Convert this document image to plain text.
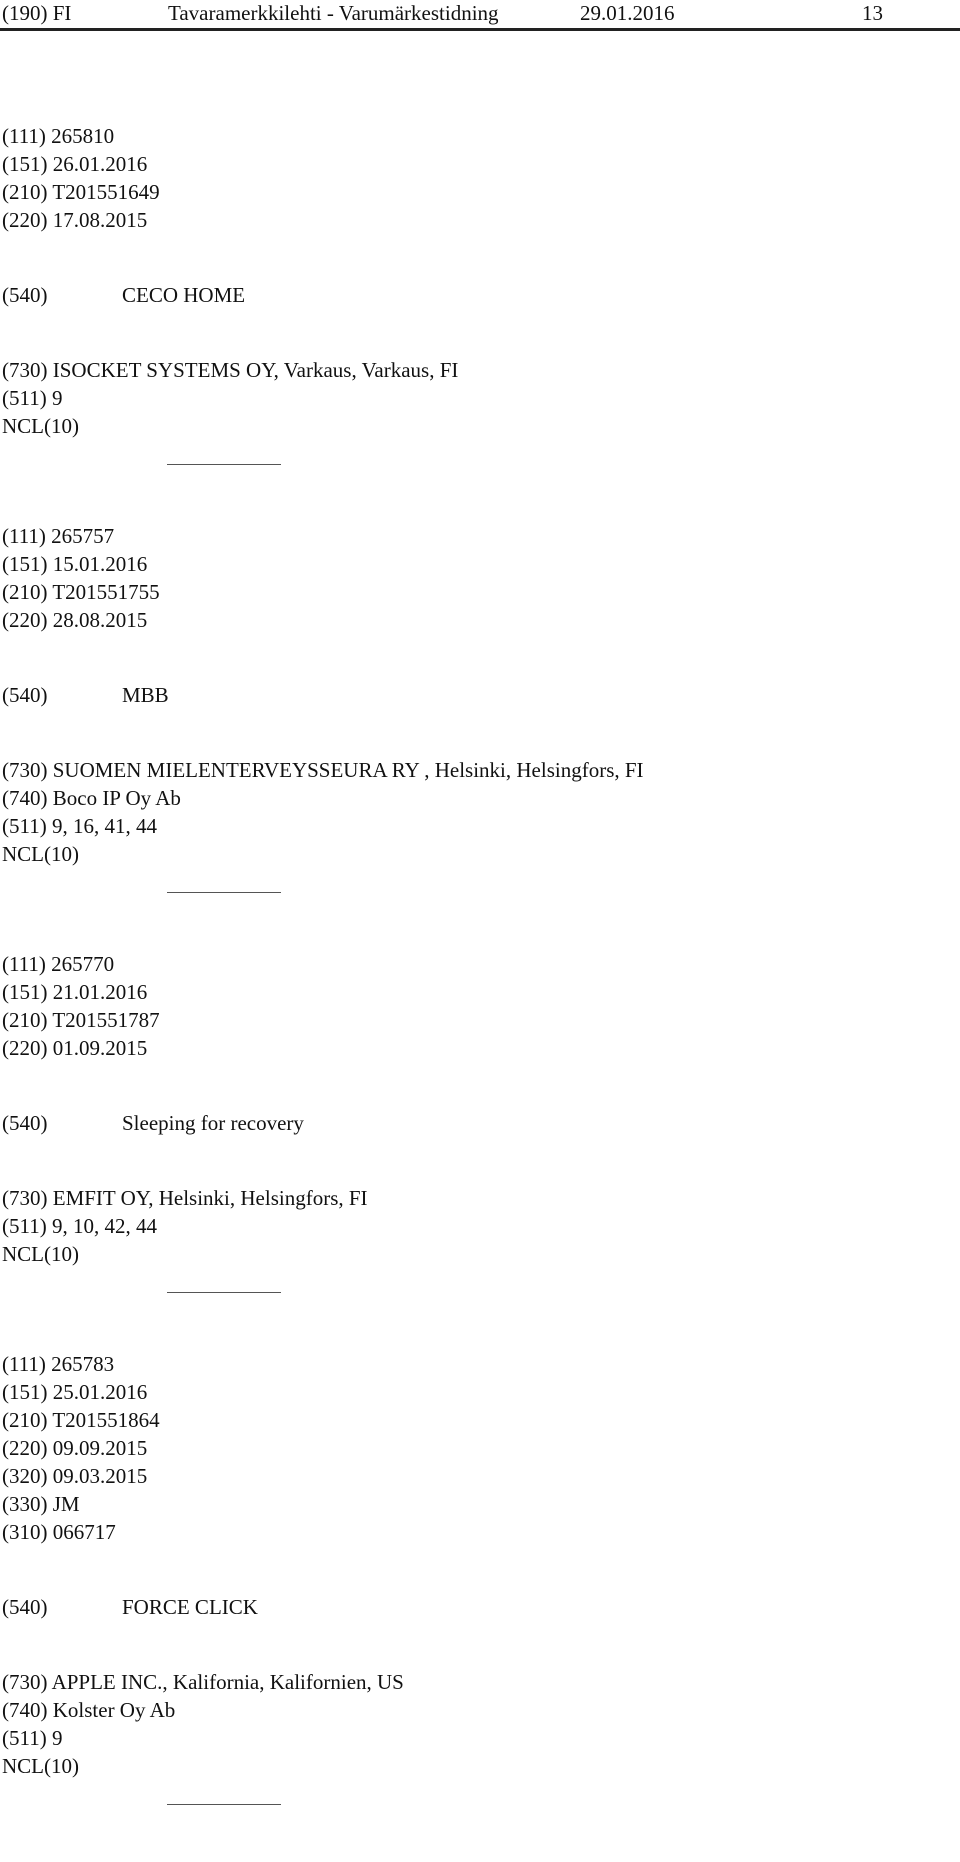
(190) FI	Tavaramerkkilehti - Varumärkestidning	29.01.2016	13
(111) 265810
(151) 26.01.2016
(210) T201551649
(220) 17.08.2015
(540)	CECO HOME
(730) ISOCKET SYSTEMS OY, Varkaus, Varkaus, FI
(511) 9
NCL(10)
(111) 265757
(151) 15.01.2016
(210) T201551755
(220) 28.08.2015
(540)	MBB
(730) SUOMEN MIELENTERVEYSSEURA RY , Helsinki, Helsingfors, FI
(740) Boco IP Oy Ab
(511) 9, 16, 41, 44
NCL(10)
(111) 265770
(151) 21.01.2016
(210) T201551787
(220) 01.09.2015
(540)	Sleeping for recovery
(730) EMFIT OY, Helsinki, Helsingfors, FI
(511) 9, 10, 42, 44
NCL(10)
(111) 265783
(151) 25.01.2016
(210) T201551864
(220) 09.09.2015
(320) 09.03.2015
(330) JM
(310) 066717
(540)	FORCE CLICK
(730) APPLE INC., Kalifornia, Kalifornien, US
(740) Kolster Oy Ab
(511) 9
NCL(10)
